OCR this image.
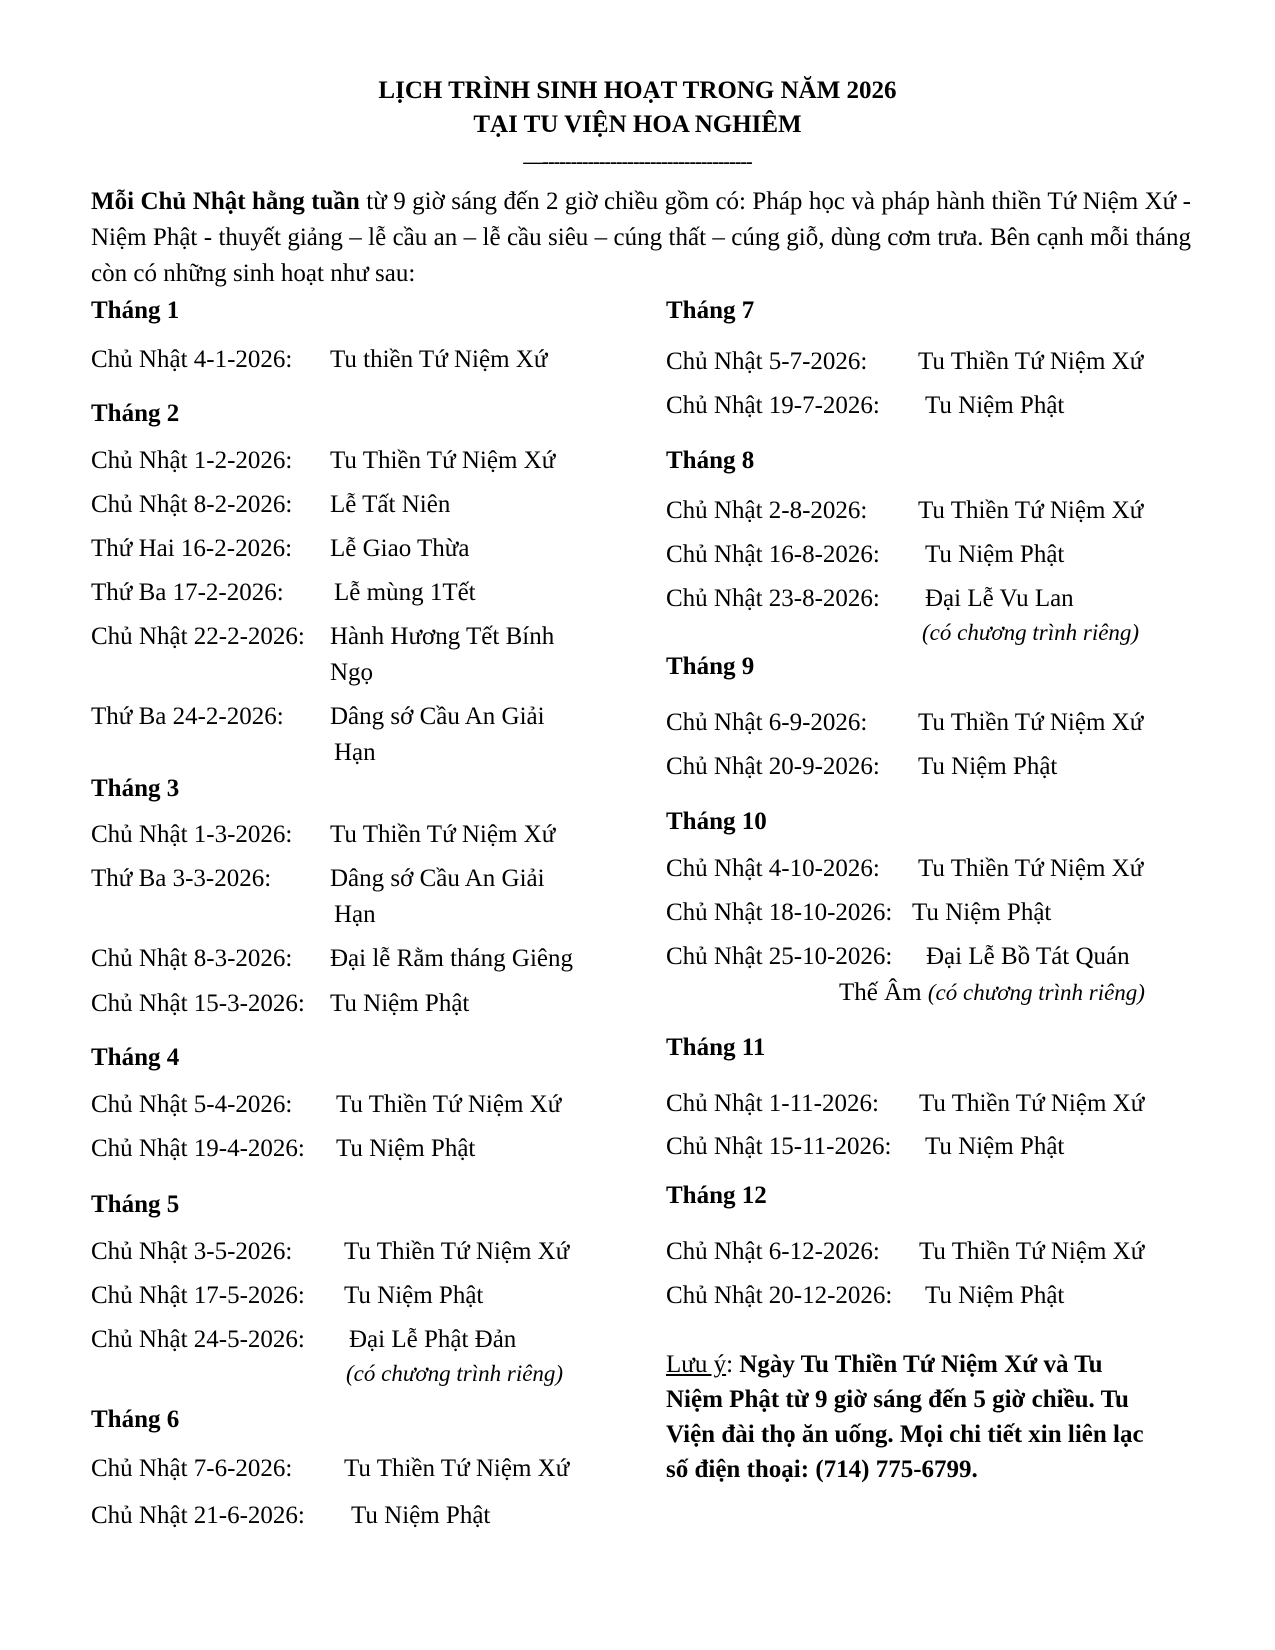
LỊCH TRÌNH SINH HOẠT TRONG NĂM 2026
TẠI TU VIỆN HOA NGHIÊM
—-------------------------------------
Mỗi Chủ Nhật hằng tuần từ 9 giờ sáng đến 2 giờ chiều gồm có: Pháp học và pháp hành thiền Tứ Niệm Xứ - Niệm Phật - thuyết giảng – lễ cầu an – lễ cầu siêu – cúng thất – cúng giỗ, dùng cơm trưa. Bên cạnh mỗi tháng còn có những sinh hoạt như sau:
Tháng 1
Chủ Nhật 4-1-2026: Tu thiền Tứ Niệm Xứ
Tháng 2
Chủ Nhật 1-2-2026: Tu Thiền Tứ Niệm Xứ
Chủ Nhật 8-2-2026: Lễ Tất Niên
Thứ Hai 16-2-2026: Lễ Giao Thừa
Thứ Ba 17-2-2026: Lễ mùng 1Tết
Chủ Nhật 22-2-2026: Hành Hương Tết Bính
Ngọ
Thứ Ba 24-2-2026: Dâng sớ Cầu An Giải
Hạn
Tháng 3
Chủ Nhật 1-3-2026: Tu Thiền Tứ Niệm Xứ
Thứ Ba 3-3-2026: Dâng sớ Cầu An Giải
Hạn
Chủ Nhật 8-3-2026: Đại lễ Rằm tháng Giêng
Chủ Nhật 15-3-2026: Tu Niệm Phật
Tháng 4
Chủ Nhật 5-4-2026: Tu Thiền Tứ Niệm Xứ
Chủ Nhật 19-4-2026: Tu Niệm Phật
Tháng 5
Chủ Nhật 3-5-2026: Tu Thiền Tứ Niệm Xứ
Chủ Nhật 17-5-2026: Tu Niệm Phật
Chủ Nhật 24-5-2026: Đại Lễ Phật Đản
(có chương trình riêng)
Tháng 6
Chủ Nhật 7-6-2026: Tu Thiền Tứ Niệm Xứ
Chủ Nhật 21-6-2026: Tu Niệm Phật
Tháng 7
Chủ Nhật 5-7-2026: Tu Thiền Tứ Niệm Xứ
Chủ Nhật 19-7-2026: Tu Niệm Phật
Tháng 8
Chủ Nhật 2-8-2026: Tu Thiền Tứ Niệm Xứ
Chủ Nhật 16-8-2026: Tu Niệm Phật
Chủ Nhật 23-8-2026: Đại Lễ Vu Lan
(có chương trình riêng)
Tháng 9
Chủ Nhật 6-9-2026: Tu Thiền Tứ Niệm Xứ
Chủ Nhật 20-9-2026: Tu Niệm Phật
Tháng 10
Chủ Nhật 4-10-2026: Tu Thiền Tứ Niệm Xứ
Chủ Nhật 18-10-2026: Tu Niệm Phật
Chủ Nhật 25-10-2026: Đại Lễ Bồ Tát Quán
Thế Âm (có chương trình riêng)
Tháng 11
Chủ Nhật 1-11-2026: Tu Thiền Tứ Niệm Xứ
Chủ Nhật 15-11-2026: Tu Niệm Phật
Tháng 12
Chủ Nhật 6-12-2026: Tu Thiền Tứ Niệm Xứ
Chủ Nhật 20-12-2026: Tu Niệm Phật
Lưu ý: Ngày Tu Thiền Tứ Niệm Xứ và Tu Niệm Phật từ 9 giờ sáng đến 5 giờ chiều. Tu Viện đài thọ ăn uống. Mọi chi tiết xin liên lạc số điện thoại: (714) 775-6799.
